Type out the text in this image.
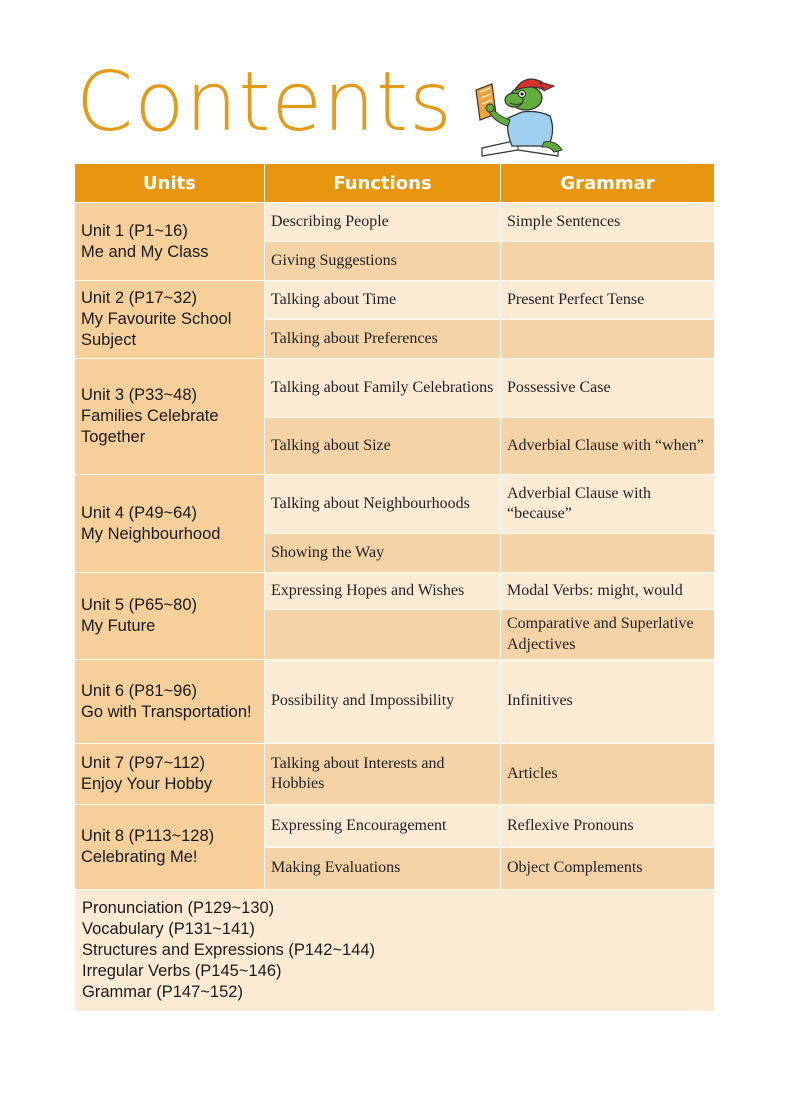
Contents
Units	Functions	Grammar

Unit 1 (P1~16)
Me and My Class	Describing People	Simple Sentences
	Giving Suggestions	

Unit 2 (P17~32)
My Favourite School Subject	Talking about Time	Present Perfect Tense
	Talking about Preferences	

Unit 3 (P33~48)
Families Celebrate Together	Talking about Family Celebrations	Possessive Case
	Talking about Size	Adverbial Clause with “when”

Unit 4 (P49~64)
My Neighbourhood	Talking about Neighbourhoods	Adverbial Clause with “because”
	Showing the Way	

Unit 5 (P65~80)
My Future	Expressing Hopes and Wishes	Modal Verbs: might, would
		Comparative and Superlative Adjectives

Unit 6 (P81~96)
Go with Transportation!	Possibility and Impossibility	Infinitives

Unit 7 (P97~112)
Enjoy Your Hobby	Talking about Interests and Hobbies	Articles

Unit 8 (P113~128)
Celebrating Me!	Expressing Encouragement	Reflexive Pronouns
	Making Evaluations	Object Complements

Pronunciation (P129~130)
Vocabulary (P131~141)
Structures and Expressions (P142~144)
Irregular Verbs (P145~146)
Grammar (P147~152)		
